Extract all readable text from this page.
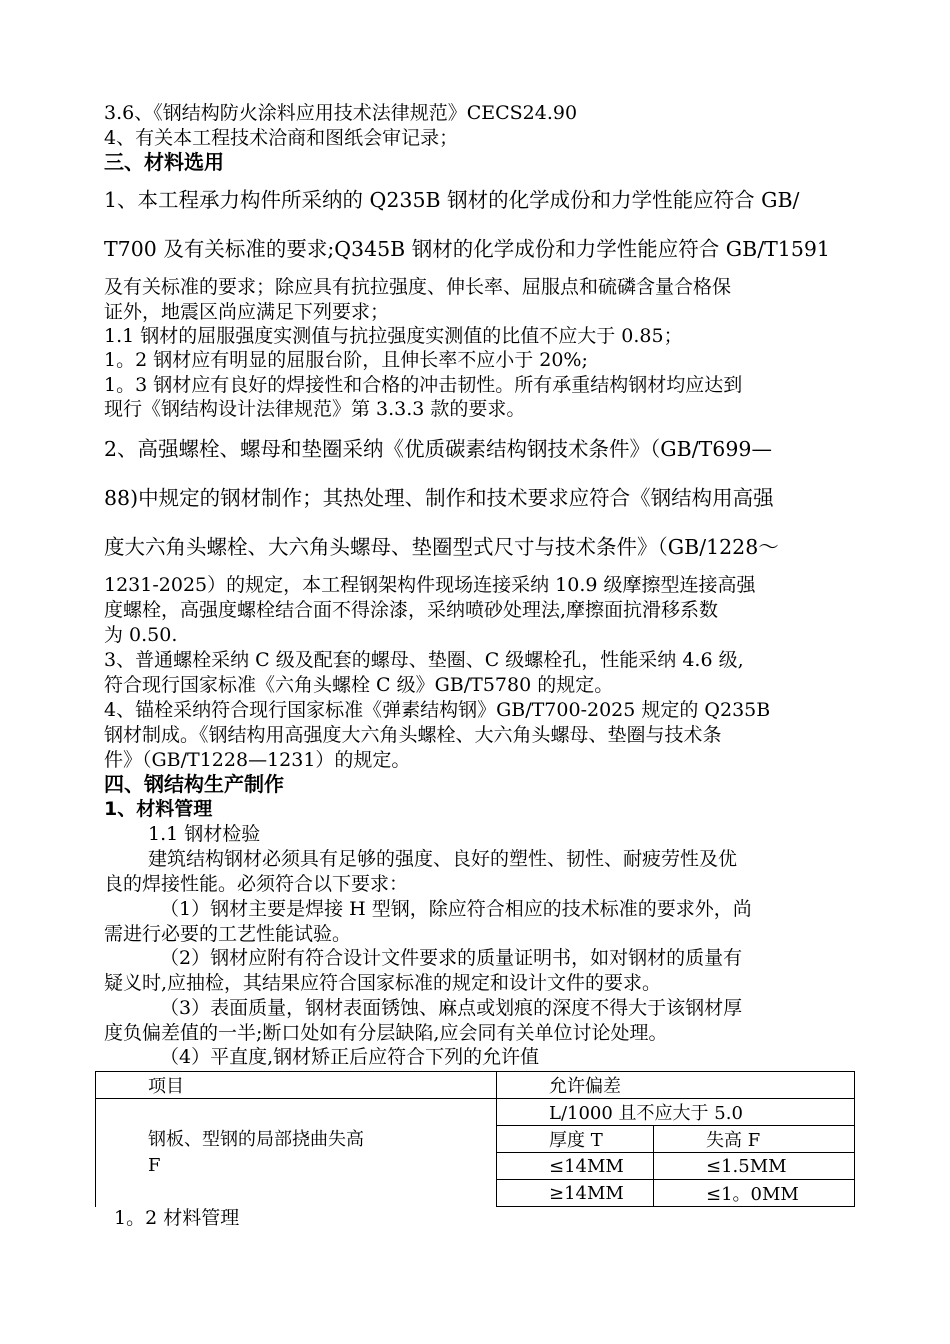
3.6、《钢结构防火涂料应用技术法律规范》CECS24.90
4、有关本工程技术洽商和图纸会审记录；
三、材料选用
1、本工程承力构件所采纳的 Q235B 钢材的化学成份和力学性能应符合 GB/
T700 及有关标准的要求;Q345B 钢材的化学成份和力学性能应符合 GB/T1591
及有关标准的要求；除应具有抗拉强度、伸长率、屈服点和硫磷含量合格保
证外，地震区尚应满足下列要求；
1.1 钢材的屈服强度实测值与抗拉强度实测值的比值不应大于 0.85；
1。2 钢材应有明显的屈服台阶，且伸长率不应小于 20%;
1。3 钢材应有良好的焊接性和合格的冲击韧性。所有承重结构钢材均应达到
现行《钢结构设计法律规范》第 3.3.3 款的要求。
2、高强螺栓、螺母和垫圈采纳《优质碳素结构钢技术条件》（GB/T699—
88)中规定的钢材制作；其热处理、制作和技术要求应符合《钢结构用高强
度大六角头螺栓、大六角头螺母、垫圈型式尺寸与技术条件》（GB/1228～
1231-2025）的规定，本工程钢架构件现场连接采纳 10.9 级摩擦型连接高强
度螺栓，高强度螺栓结合面不得涂漆，采纳喷砂处理法,摩擦面抗滑移系数
为 0.50.
3、普通螺栓采纳 C 级及配套的螺母、垫圈、C 级螺栓孔，性能采纳 4.6 级,
符合现行国家标准《六角头螺栓 C 级》GB/T5780 的规定。
4、锚栓采纳符合现行国家标准《弹素结构钢》GB/T700-2025 规定的 Q235B
钢材制成。《钢结构用高强度大六角头螺栓、大六角头螺母、垫圈与技术条
件》（GB/T1228—1231）的规定。
四、钢结构生产制作
1、材料管理
1.1 钢材检验
建筑结构钢材必须具有足够的强度、良好的塑性、韧性、耐疲劳性及优
良的焊接性能。必须符合以下要求：
（1）钢材主要是焊接 H 型钢，除应符合相应的技术标准的要求外，尚
需进行必要的工艺性能试验。
（2）钢材应附有符合设计文件要求的质量证明书，如对钢材的质量有
疑义时,应抽检，其结果应符合国家标准的规定和设计文件的要求。
（3）表面质量，钢材表面锈蚀、麻点或划痕的深度不得大于该钢材厚
度负偏差值的一半;断口处如有分层缺陷,应会同有关单位讨论处理。
（4）平直度,钢材矫正后应符合下列的允许值
项目	允许偏差	

钢板、型钢的局部挠曲失高
F	L/1000 且不应大于 5.0	
	厚度 T	失高 F
	≤14MM	≤1.5MM
	≥14MM	≤1。0MM
1。2 材料管理
